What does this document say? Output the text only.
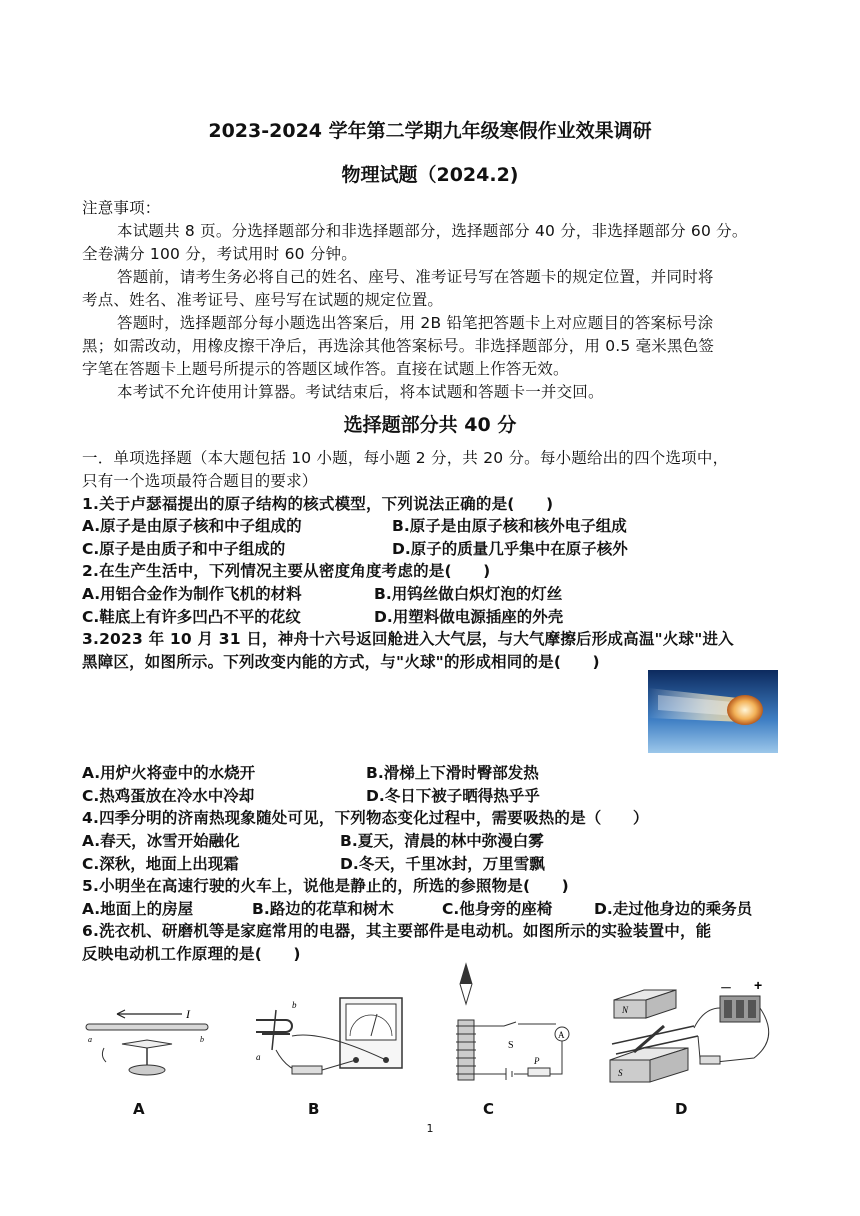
2023-2024 学年第二学期九年级寒假作业效果调研
物理试题（2024.2)
注意事项：
本试题共 8 页。分选择题部分和非选择题部分，选择题部分 40 分，非选择题部分 60 分。
全卷满分 100 分，考试用时 60 分钟。
答题前，请考生务必将自己的姓名、座号、准考证号写在答题卡的规定位置，并同时将
考点、姓名、准考证号、座号写在试题的规定位置。
答题时，选择题部分每小题选出答案后，用 2B 铅笔把答题卡上对应题目的答案标号涂
黑；如需改动，用橡皮擦干净后，再选涂其他答案标号。非选择题部分，用 0.5 毫米黑色签
字笔在答题卡上题号所提示的答题区域作答。直接在试题上作答无效。
本考试不允许使用计算器。考试结束后，将本试题和答题卡一并交回。
选择题部分共 40 分
一．单项选择题（本大题包括 10 小题，每小题 2 分，共 20 分。每小题给出的四个选项中，
只有一个选项最符合题目的要求）
1.关于卢瑟福提出的原子结构的核式模型，下列说法正确的是(　　)
A.原子是由原子核和中子组成的	B.原子是由原子核和核外电子组成
C.原子是由质子和中子组成的	D.原子的质量几乎集中在原子核外
2.在生产生活中，下列情况主要从密度角度考虑的是(　　)
A.用铝合金作为制作飞机的材料	B.用钨丝做白炽灯泡的灯丝
C.鞋底上有许多凹凸不平的花纹	D.用塑料做电源插座的外壳
3.2023 年 10 月 31 日，神舟十六号返回舱进入大气层，与大气摩擦后形成高温"火球"进入
黑障区，如图所示。下列改变内能的方式，与"火球"的形成相同的是(　　)
A.用炉火将壶中的水烧开	B.滑梯上下滑时臀部发热
C.热鸡蛋放在冷水中冷却	D.冬日下被子晒得热乎乎
4.四季分明的济南热现象随处可见，下列物态变化过程中，需要吸热的是（　　）
A.春天，冰雪开始融化	B.夏天，清晨的林中弥漫白雾
C.深秋，地面上出现霜	D.冬天，千里冰封，万里雪飘
5.小明坐在高速行驶的火车上，说他是静止的，所选的参照物是(　　)
A.地面上的房屋	B.路边的花草和树木	C.他身旁的座椅	D.走过他身边的乘务员
6.洗衣机、研磨机等是家庭常用的电器，其主要部件是电动机。如图所示的实验装置中，能
反映电动机工作原理的是(　　)
I
a	b
b
a
S
A
P
N
S
－ +
A	B	C	D
1
